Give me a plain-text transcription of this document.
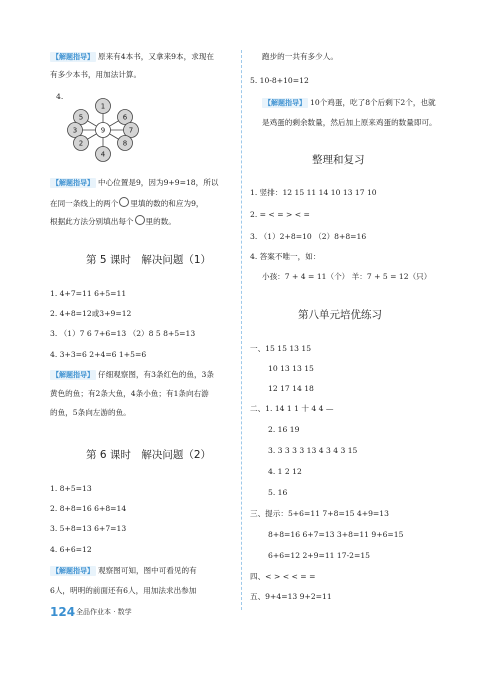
【解题指导】 原来有4本书，又拿来9本，求现在
有多少本书，用加法计算。
4.
1
5	6
7
9
3
2
4
8
【解题指导】 中心位置是9，因为9+9=18，所以
在同一条线上的两个 里填的数的和应为9，
根据此方法分别填出每个 里的数。
第 5 课时　解决问题（1）
1. 4+7=11 6+5=11
2. 4+8=12或3+9=12
3. （1）7 6 7+6=13 （2）8 5 8+5=13
4. 3+3=6 2+4=6 1+5=6
【解题指导】 仔细观察图，有3条红色的鱼，3条
黄色的鱼；有2条大鱼，4条小鱼；有1条向右游
的鱼，5条向左游的鱼。
第 6 课时　解决问题（2）
1. 8+5=13
2. 8+8=16 6+8=14
3. 5+8=13 6+7=13
4. 6+6=12
【解题指导】 观察图可知，图中可看见的有
6人，明明的前面还有6人，用加法求出参加
跑步的一共有多少人。
5. 10-8+10=12
【解题指导】 10个鸡蛋，吃了8个后剩下2个，也就
是鸡蛋的剩余数量，然后加上原来鸡蛋的数量即可。
整理和复习
1. 竖排：12 15 11 14 10 13 17 10
2. = < = > < =
3. （1）2+8=10 （2）8+8=16
4. 答案不唯一，如：
小孩：7 + 4 = 11（个） 羊：7 + 5 = 12（只）
第八单元培优练习
一、15 15 13 15
10 13 13 15
12 17 14 18
二、1. 14 1 1 十 4 4 —
2. 16 19
3. 3 3 3 3 13 4 3 4 3 15
4. 1 2 12
5. 16
三、提示：5+6=11 7+8=15 4+9=13
8+8=16 6+7=13 3+8=11 9+6=15
6+6=12 2+9=11 17-2=15
四、< > < < = =
五、9+4=13 9+2=11
124 全品作业本 · 数学
